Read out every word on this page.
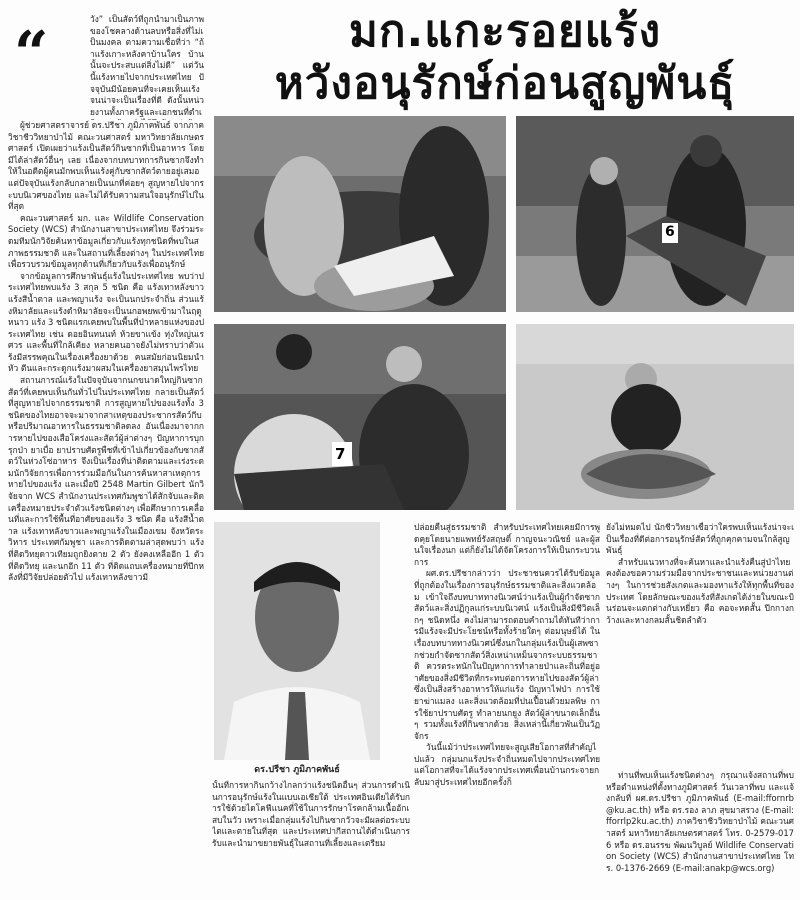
มก.แกะรอยแร้ง
หวังอนุรักษ์ก่อนสูญพันธุ์
“	วัง” เป็นสัตว์ที่ถูกนำมาเป็นภาพของโชคลางด้านลบหรือสิ่งที่ไม่เป็นมงคล ตามความเชื่อที่ว่า “ถ้าแร้งเกาะหลังคาบ้านใคร บ้านนั้นจะประสบแต่สิ่งไม่ดี” แต่วันนี้แร้งหายไปจากประเทศไทย ปัจจุบันมีน้อยคนที่จะเคยเห็นแร้งจนน่าจะเป็นเรื่องที่ดี ดังนั้นหน่วยงานทั้งภาครัฐและเอกชนที่ดำเ

ผู้ช่วยศาสตราจารย์ ดร.ปรีชา ภูมิภาคพันธ์ จากภาควิชาชีววิทยาป่าไม้ คณะวนศาสตร์ มหาวิทยาลัยเกษตรศาสตร์ เปิดเผยว่าแร้งเป็นสัตว์กินซากที่เป็นอาหาร โดยมีได้ล่าสัตว์อื่นๆ เลย เนื่องจากบทบาทการกินซากจึงทำให้ในอดีตผู้คนมักพบเห็นแร้งคู่กับซากสัตว์ตายอยู่เสมอ แต่ปัจจุบันแร้งกลับกลายเป็นนกที่ค่อยๆ สูญหายไปจากระบบนิเวศของไทย และไม่ได้รับความสนใจอนุรักษ์ไปในที่สุด

คณะวนศาสตร์ มก. และ Wildlife Conservation Society (WCS) สำนักงานสาขาประเทศไทย จึงร่วมระดมทีมนักวิจัยค้นหาข้อมูลเกี่ยวกับแร้งทุกชนิดที่พบในสภาพธรรมชาติ และในสถานที่เลี้ยงต่างๆ ในประเทศไทย เพื่อรวบรวมข้อมูลทุกด้านที่เกี่ยวกับแร้งเพื่ออนุรักษ์

จากข้อมูลการศึกษาพันธุ์แร้งในประเทศไทย พบว่าประเทศไทยพบแร้ง 3 สกุล 5 ชนิด คือ แร้งเทาหลังขาว แร้งสีน้ำตาล และพญาแร้ง จะเป็นนกประจำถิ่น ส่วนแร้งหิมาลัยและแร้งดำหิมาลัยจะเป็นนกอพยพเข้ามาในฤดูหนาว แร้ง 3 ชนิดแรกเคยพบในพื้นที่ป่าหลายแห่งของประเทศไทย เช่น ดอยอินทนนท์ ห้วยขาแข้ง ทุ่งใหญ่นเรศวร และพื้นที่ใกล้เคียง หลายคนอาจยังไม่ทราบว่าตัวแร้งมีสรรพคุณในเรื่องเครื่องยาด้วย คนสมัยก่อนนิยมนำหัว ตีนและกระดูกแร้งมาผสมในเครื่องยาสมุนไพรไทย

สถานการณ์แร้งในปัจจุบันจากนกขนาดใหญ่กินซากสัตว์ที่เคยพบเห็นกันทั่วไปในประเทศไทย กลายเป็นสัตว์ที่สูญหายไปจากธรรมชาติ การสูญหายไปของแร้งทั้ง 3 ชนิดของไทยอาจจะมาจากสาเหตุของประชากรสัตว์กีบหรือปริมาณอาหารในธรรมชาติลดลง อันเนื่องมาจากการหายไปของเสือโคร่งและสัตว์ผู้ล่าต่างๆ ปัญหาการบุกรุกป่า ยาเบื่อ ยาปราบศัตรูพืชที่เข้าไปเกี่ยวข้องกับซากสัตว์ในห่วงโซ่อาหาร จึงเป็นเรื่องที่น่าติดตามและเร่งระดมนักวิจัยการเพื่อการร่วมมือกันในการค้นหาสาเหตุการหายไปของแร้ง และเมื่อปี 2548 Martin Gilbert นักวิจัยจาก WCS สำนักงานประเทศกัมพูชาได้สักจับและติดเครื่องหมายประจำตัวแร้งชนิดต่างๆ เพื่อศึกษาการเคลื่อนที่และการใช้พื้นที่อาศัยของแร้ง 3 ชนิด คือ แร้งสีน้ำตาล แร้งเทาหลังขาวและพญาแร้งในเมืองเขม จังหวัดระวิหาร ประเทศกัมพูชา และการติดตามล่าสุดพบว่า แร้งที่ติดวิทยุดาวเทียมถูกยิงตาย 2 ตัว ยังคงเหลืออีก 1 ตัว ที่ติดวิทยุ และนกอีก 11 ตัว ที่ติดแถบเครื่องหมายที่ปีกหลังที่มีวิจัยปล่อยตัวไป แร้งเทาหลังขาวมี

6
7
ดร.ปรีชา ภูมิภาคพันธ์

นั้นที่การหากินกว้างไกลกว่าแร้งชนิดอื่นๆ ส่วนการดำเนินการอนุรักษ์แร้งในแบบเอเชียใต้ ประเทศอินเดียได้รับการใช้ด้วยไดโคฟีแนคที่ใช้ในการรักษาโรคกล้ามเนื้ออักเสบในวัว เพราะเมื่อกลุ่มแร้งไปกินซากวัวจะมีผลต่อระบบไตและตายในที่สุด และประเทศปากีสถานได้ดำเนินการรับและนำมาขยายพันธุ์ในสถานที่เลี้ยงและเตรียม

ปล่อยคืนสู่ธรรมชาติ สำหรับประเทศไทยเคยมีการพูดคุยโดยนายแพทย์รังสฤษดิ์ กาญจนะวณิชย์ และผู้สนใจเรื่องนก แต่ก็ยังไม่ได้จัดโครงการให้เป็นกระบวนการ

ผศ.ดร.ปรีชากล่าวว่า ประชาชนควรได้รับข้อมูลที่ถูกต้องในเรื่องการอนุรักษ์ธรรมชาติและสิ่งแวดล้อม เข้าใจถึงบทบาททางนิเวศน์ว่าแร้งเป็นผู้กำจัดซากสัตว์และสิ่งปฏิกูลแก่ระบบนิเวศน์ แร้งเป็นสิ่งมีชีวิตเล็กๆ ชนิดหนึ่ง คงไม่สามารถตอบคำถามได้ทันทีว่าการมีแร้งจะมีประโยชน์หรือทั้งร้ายใดๆ ต่อมนุษย์ได้ ในเรื่องบทบาททางนิเวศน์ซึ่งนกในกลุ่มแร้งเป็นผู้เสพซากช่วยกำจัดซากสัตว์สิ่งเหน่าเหม็นจากระบบธรรมชาติ ควรตระหนักในปัญหาการทำลายป่าและถิ่นที่อยู่อาศัยของสิ่งมีชีวิตที่กระทบต่อการหายไปของสัตว์ผู้ล่า ซึ่งเป็นสิ่งสร้างอาหารให้แก่แร้ง ปัญหาไฟป่า การใช้ยาฆ่าแมลง และสิ่งแวดล้อมที่ปนเปื้อนด้วยมลพิษ การใช้ยาปราบศัตรู ทำลายนกยูง สัตว์ผู้ล่าขนาดเล็กอื่นๆ รวมทั้งแร้งที่กินซากด้วย สิ่งเหล่านี้เกี่ยวพันเป็นวัฏจักร

วันนี้แม้ว่าประเทศไทยจะสูญเสียโอกาสที่สำคัญไปแล้ว กลุ่มนกแร้งประจำถิ่นหมดไปจากประเทศไทย แต่โอกาสที่จะได้แร้งจากประเทศเพื่อนบ้านกระจายกลับมาสู่ประเทศไทยอีกครั้งก็

ยังไม่หมดไป นักชีววิทยาเชื่อว่าใครพบเห็นแร้งน่าจะเป็นเรื่องที่ดีต่อการอนุรักษ์สัตว์ที่ถูกคุกคามจนใกล้สูญพันธุ์

สำหรับแนวทางที่จะค้นหาและนำแร้งคืนสู่ป่าไทย คงต้องขอความร่วมมือจากประชาชนและหน่วยงานต่างๆ ในการช่วยสังเกตและมองหาแร้งให้ทุกพื้นที่ของประเทศ โดยลักษณะของแร้งที่สังเกตได้ง่ายในขณะบินร่อนจะแตกต่างกับเหยี่ยว คือ คอจะหดสั้น ปีกกางกว้างและหางกลมสั้นชิดลำตัว

ท่านที่พบเห็นแร้งชนิดต่างๆ กรุณาแจ้งสถานที่พบหรือตำแหน่งที่ตั้งทางภูมิศาสตร์ วันเวลาที่พบ และแจ้งกลับที่ ผศ.ดร.ปรีชา ภูมิภาคพันธ์ (E-mail:ffornrb@ku.ac.th) หรือ ดร.รอง ลาภ สุขมาสรวง (E-mail:fforrlp2ku.ac.th) ภาควิชาชีววิทยาป่าไม้ คณะวนศาสตร์ มหาวิทยาลัยเกษตรศาสตร์ โทร. 0-2579-0176 หรือ ดร.อนรรฆ พัฒนวิบูลย์ Wildlife Conservation Society (WCS) สำนักงานสาขาประเทศไทย โทร. 0-1376-2669 (E-mail:anakp@wcs.org)
